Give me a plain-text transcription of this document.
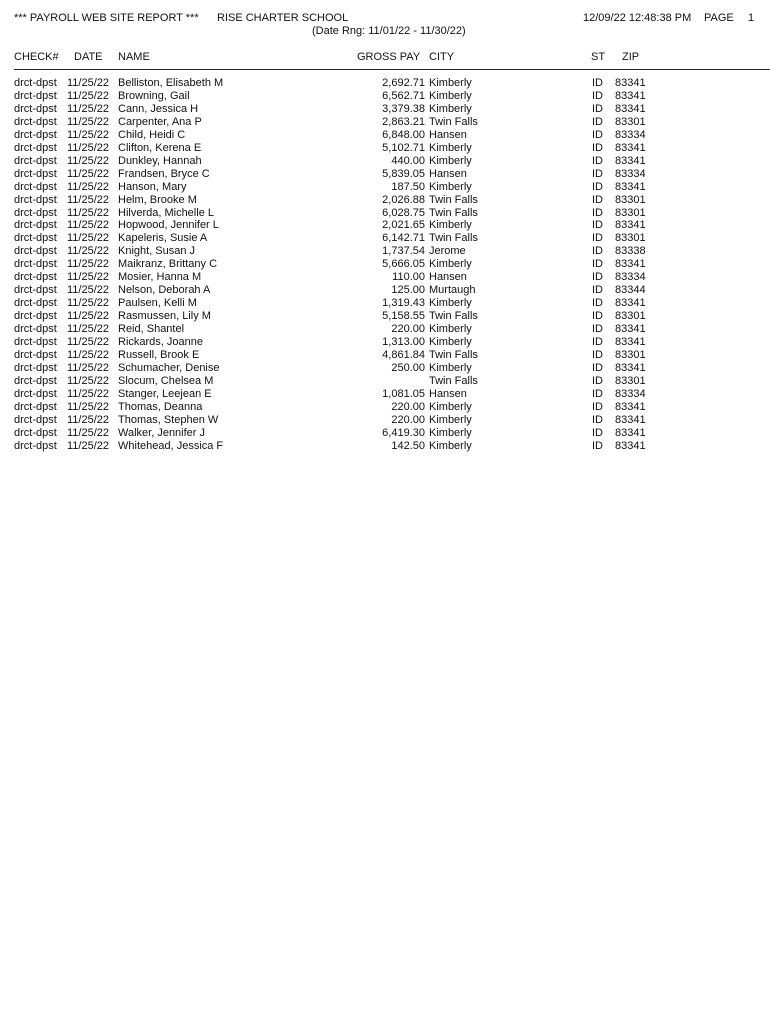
*** PAYROLL WEB SITE REPORT *** RISE CHARTER SCHOOL
(Date Rng: 11/01/22 - 11/30/22)
12/09/22 12:48:38 PM PAGE 1
CHECK# DATE NAME	GROSS PAY CITY	ST ZIP
drct-dpst 11/25/22 Belliston, Elisabeth M	2,692.71 Kimberly	ID 83341
drct-dpst 11/25/22 Browning, Gail	6,562.71 Kimberly	ID 83341
drct-dpst 11/25/22 Cann, Jessica H	3,379.38 Kimberly	ID 83341
drct-dpst 11/25/22 Carpenter, Ana P	2,863.21 Twin Falls	ID 83301
drct-dpst 11/25/22 Child, Heidi C	6,848.00 Hansen	ID 83334
drct-dpst 11/25/22 Clifton, Kerena E	5,102.71 Kimberly	ID 83341
drct-dpst 11/25/22 Dunkley, Hannah	440.00 Kimberly	ID 83341
drct-dpst 11/25/22 Frandsen, Bryce C	5,839.05 Hansen	ID 83334
drct-dpst 11/25/22 Hanson, Mary	187.50 Kimberly	ID 83341
drct-dpst 11/25/22 Helm, Brooke M	2,026.88 Twin Falls	ID 83301
drct-dpst 11/25/22 Hilverda, Michelle L	6,028.75 Twin Falls	ID 83301
drct-dpst 11/25/22 Hopwood, Jennifer L	2,021.65 Kimberly	ID 83341
drct-dpst 11/25/22 Kapeleris, Susie A	6,142.71 Twin Falls	ID 83301
drct-dpst 11/25/22 Knight, Susan J	1,737.54 Jerome	ID 83338
drct-dpst 11/25/22 Maikranz, Brittany C	5,666.05 Kimberly	ID 83341
drct-dpst 11/25/22 Mosier, Hanna M	110.00 Hansen	ID 83334
drct-dpst 11/25/22 Nelson, Deborah A	125.00 Murtaugh	ID 83344
drct-dpst 11/25/22 Paulsen, Kelli M	1,319.43 Kimberly	ID 83341
drct-dpst 11/25/22 Rasmussen, Lily M	5,158.55 Twin Falls	ID 83301
drct-dpst 11/25/22 Reid, Shantel	220.00 Kimberly	ID 83341
drct-dpst 11/25/22 Rickards, Joanne	1,313.00 Kimberly	ID 83341
drct-dpst 11/25/22 Russell, Brook E	4,861.84 Twin Falls	ID 83301
drct-dpst 11/25/22 Schumacher, Denise	250.00 Kimberly	ID 83341
drct-dpst 11/25/22 Slocum, Chelsea M	Twin Falls	ID 83301
drct-dpst 11/25/22 Stanger, Leejean E	1,081.05 Hansen	ID 83334
drct-dpst 11/25/22 Thomas, Deanna	220.00 Kimberly	ID 83341
drct-dpst 11/25/22 Thomas, Stephen W	220.00 Kimberly	ID 83341
drct-dpst 11/25/22 Walker, Jennifer J	6,419.30 Kimberly	ID 83341
drct-dpst 11/25/22 Whitehead, Jessica F	142.50 Kimberly	ID 83341
